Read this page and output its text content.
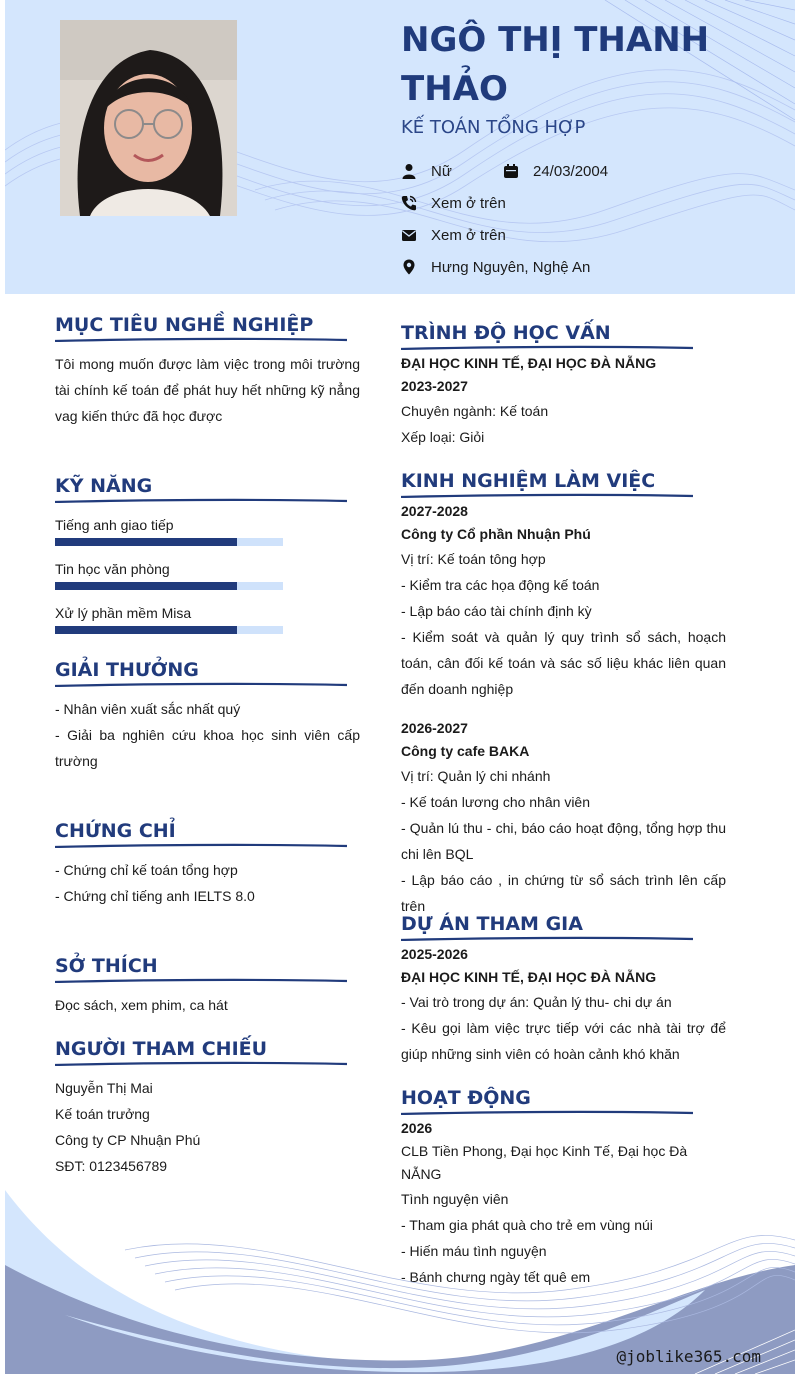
NGÔ THỊ THANH THẢO
KẾ TOÁN TỔNG HỢP
Nữ	24/03/2004
Xem ở trên
Xem ở trên
Hưng Nguyên, Nghệ An
MỤC TIÊU NGHỀ NGHIỆP
Tôi mong muốn được làm việc trong môi trường tài chính kế toán để phát huy hết những kỹ nẳng vag kiến thức đã học được
KỸ NĂNG
Tiếng anh giao tiếp
Tin học văn phòng
Xử lý phần mềm Misa
GIẢI THƯỞNG

- Nhân viên xuất sắc nhất quý

- Giải ba nghiên cứu khoa học sinh viên cấp trường

CHỨNG CHỈ

- Chứng chỉ kế toán tổng hợp

- Chứng chỉ tiếng anh IELTS 8.0

SỞ THÍCH
Đọc sách, xem phim, ca hát
NGƯỜI THAM CHIẾU

Nguyễn Thị Mai

Kế toán trưởng

Công ty CP Nhuận Phú

SĐT: 0123456789

TRÌNH ĐỘ HỌC VẤN

ĐẠI HỌC KINH TẾ, ĐẠI HỌC ĐÀ NẴNG

2023-2027

Chuyên ngành: Kế toán

Xếp loại: Giỏi

KINH NGHIỆM LÀM VIỆC

2027-2028

Công ty Cổ phần Nhuận Phú

Vị trí: Kế toán tông hợp

- Kiểm tra các họa động kế toán

- Lập báo cáo tài chính định kỳ

- Kiểm soát và quản lý quy trình sổ sách, hoạch toán, cân đối kế toán và sác số liệu khác liên quan đến doanh nghiệp

2026-2027

Công ty cafe BAKA

Vị trí: Quản lý chi nhánh

- Kế toán lương cho nhân viên

- Quản lú thu - chi, báo cáo hoạt động, tổng hợp thu chi lên BQL

- Lập báo cáo , in chứng từ sổ sách trình lên cấp trên

DỰ ÁN THAM GIA

2025-2026

ĐẠI HỌC KINH TẾ, ĐẠI HỌC ĐÀ NẴNG

- Vai trò trong dự án: Quản lý thu- chi dự án

- Kêu gọi làm việc trực tiếp với các nhà tài trợ để giúp những sinh viên có hoàn cảnh khó khăn

HOẠT ĐỘNG

2026

CLB Tiền Phong, Đại học Kinh Tế, Đại học Đà NẴNG

Tình nguyện viên

- Tham gia phát quà cho trẻ em vùng núi

- Hiến máu tình nguyện

- Bánh chưng ngày tết quê em

@joblike365.com
